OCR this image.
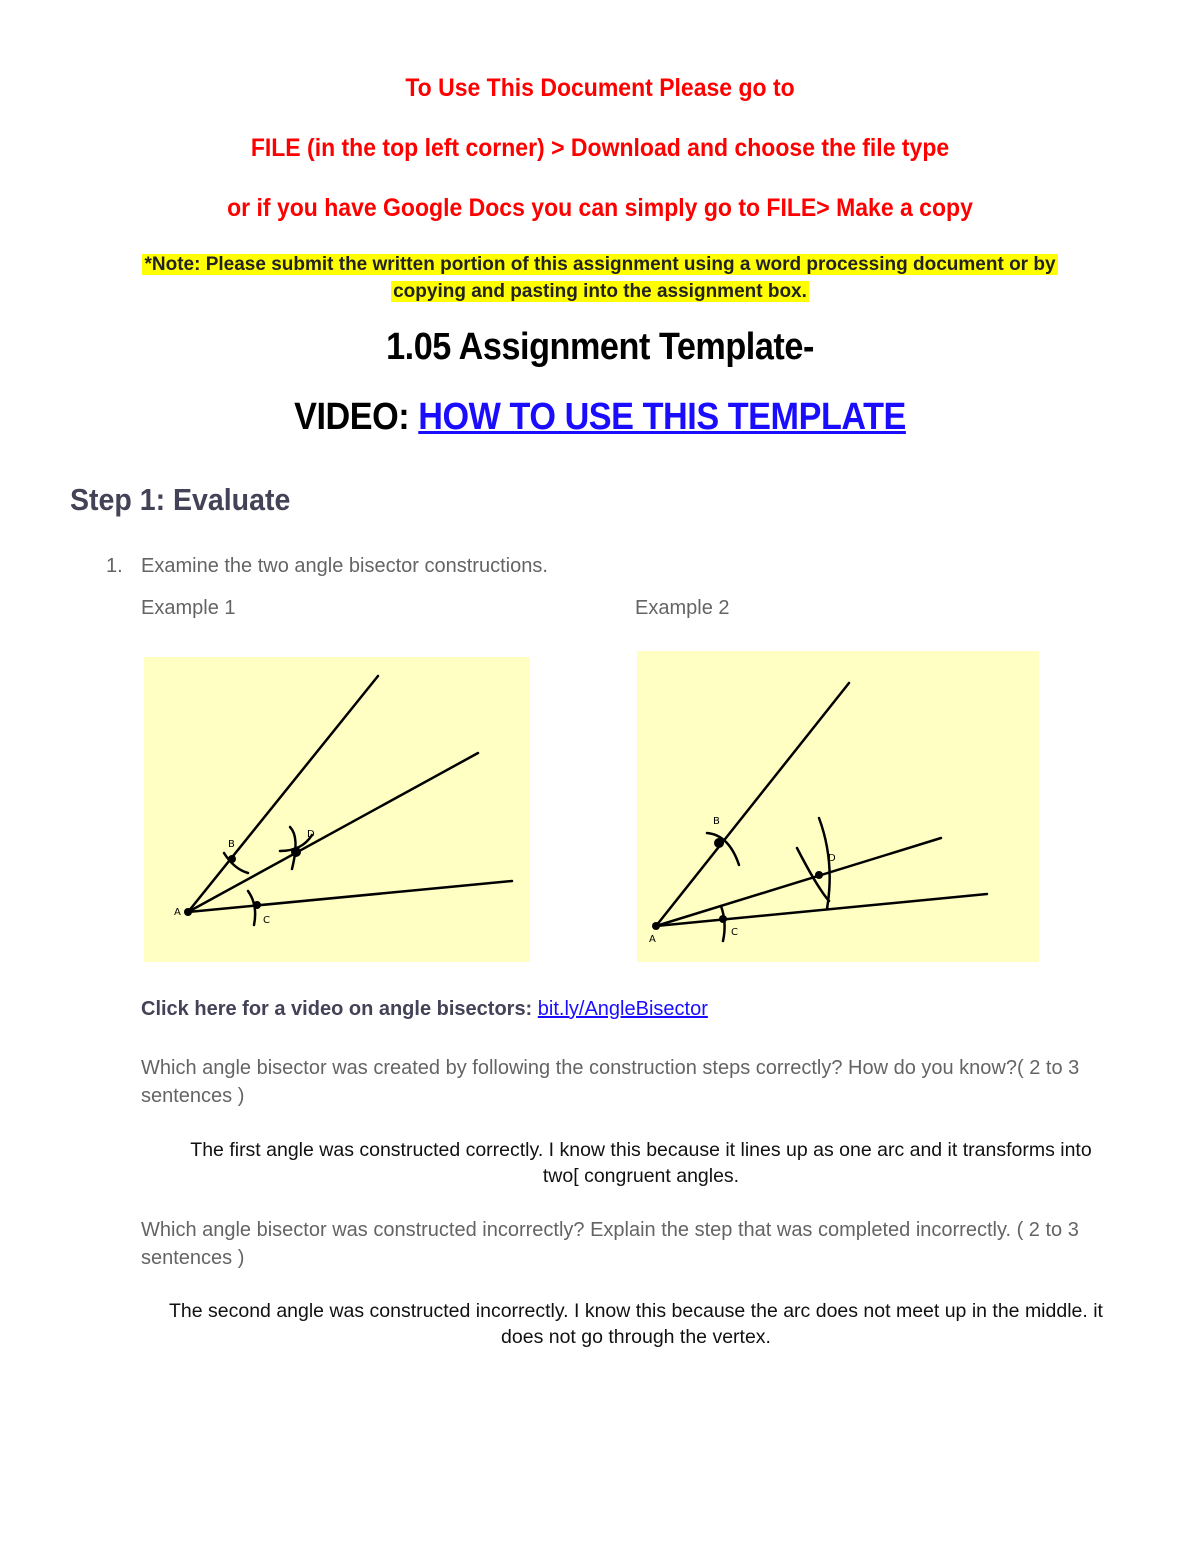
To Use This Document Please go to
FILE (in the top left corner) > Download and choose the file type
or if you have Google Docs you can simply go to FILE> Make a copy
*Note: Please submit the written portion of this assignment using a word processing document or by
copying and pasting into the assignment box.
1.05 Assignment Template-
VIDEO: HOW TO USE THIS TEMPLATE
Step 1: Evaluate
1. Examine the two angle bisector constructions.
Example 1	Example 2
A
B
C
D
A
B
C
D
Click here for a video on angle bisectors: bit.ly/AngleBisector
Which angle bisector was created by following the construction steps correctly? How do you know?( 2 to 3
sentences )
The first angle was constructed correctly. I know this because it lines up as one arc and it transforms into
two[ congruent angles.
Which angle bisector was constructed incorrectly? Explain the step that was completed incorrectly. ( 2 to 3
sentences )
The second angle was constructed incorrectly. I know this because the arc does not meet up in the middle. it
does not go through the vertex.
